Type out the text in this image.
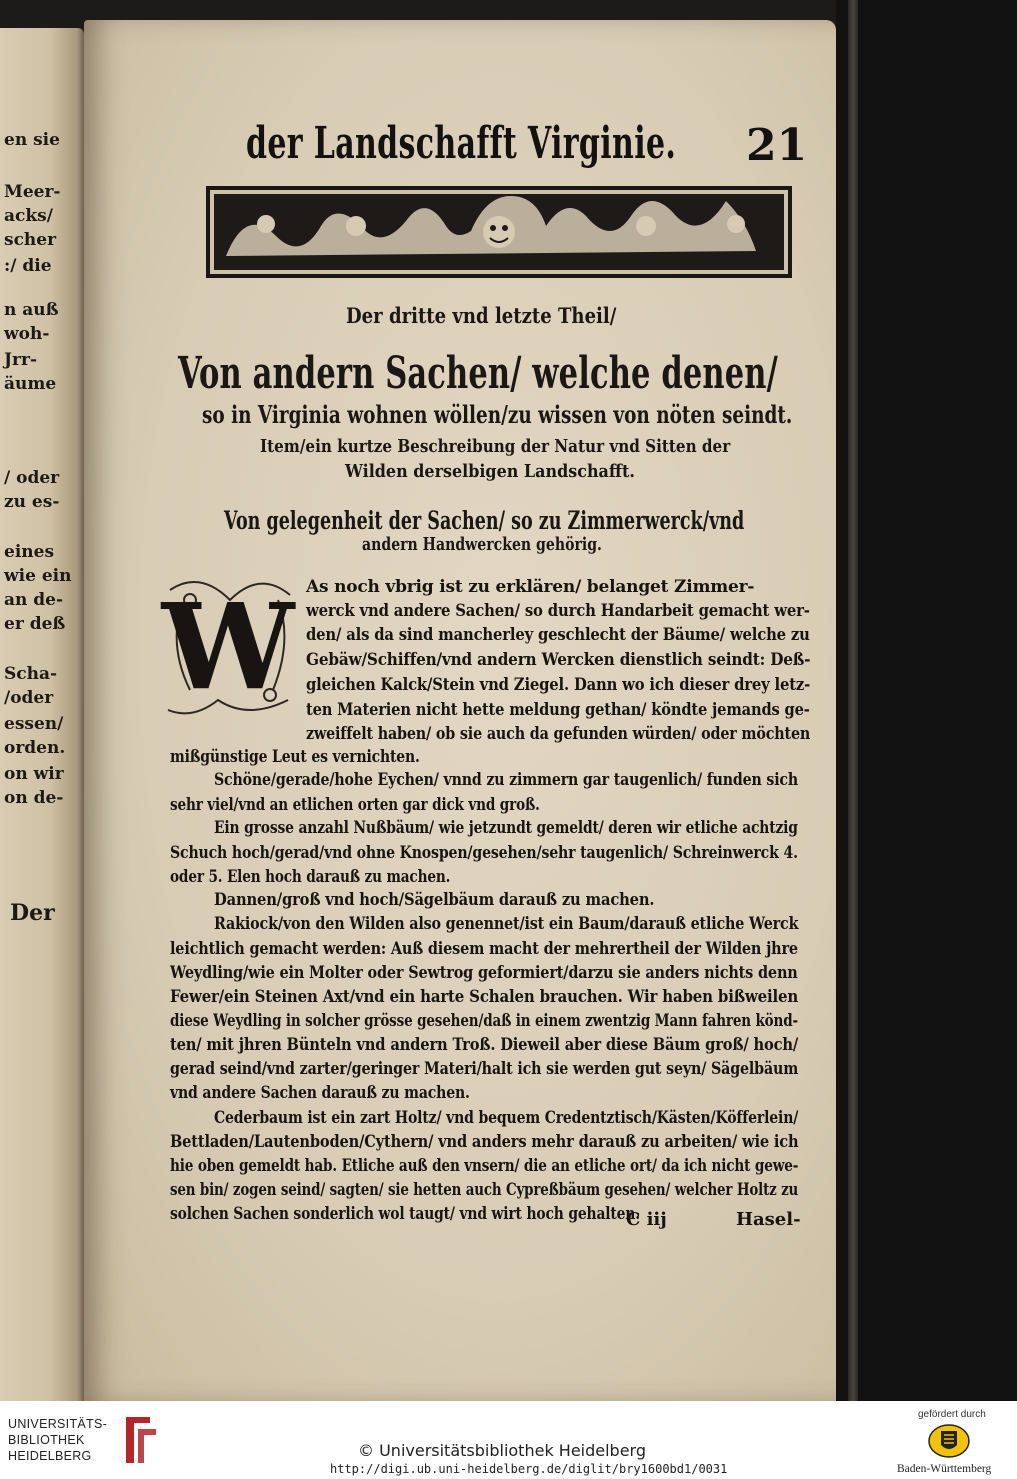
en sie
Meer-
acks/
scher
:/ die
n auß
woh-
Jrr-
äume
/ oder
zu es-
eines
wie ein
an de-
er deß
Scha-
/oder
essen/
orden.
on wir
on de-
Der
der Landschafft Virginie. 21
Der dritte vnd letzte Theil/
Von andern Sachen/ welche denen/
so in Virginia wohnen wöllen/zu wissen von nöten seindt.
Item/ein kurtze Beschreibung der Natur vnd Sitten der
Wilden derselbigen Landschafft.
Von gelegenheit der Sachen/ so zu Zimmerwerck/vnd
andern Handwercken gehörig.
W As noch vbrig ist zu erklären/ belanget Zimmer-
werck vnd andere Sachen/ so durch Handarbeit gemacht wer-
den/ als da sind mancherley geschlecht der Bäume/ welche zu
Gebäw/Schiffen/vnd andern Wercken dienstlich seindt: Deß-
gleichen Kalck/Stein vnd Ziegel. Dann wo ich dieser drey letz-
ten Materien nicht hette meldung gethan/ köndte jemands ge-
zweiffelt haben/ ob sie auch da gefunden würden/ oder möchten
mißgünstige Leut es vernichten.
Schöne/gerade/hohe Eychen/ vnnd zu zimmern gar taugenlich/ funden sich
sehr viel/vnd an etlichen orten gar dick vnd groß.
Ein grosse anzahl Nußbäum/ wie jetzundt gemeldt/ deren wir etliche achtzig
Schuch hoch/gerad/vnd ohne Knospen/gesehen/sehr taugenlich/ Schreinwerck 4.
oder 5. Elen hoch darauß zu machen.
Dannen/groß vnd hoch/Sägelbäum darauß zu machen.
Rakiock/von den Wilden also genennet/ist ein Baum/darauß etliche Werck
leichtlich gemacht werden: Auß diesem macht der mehrertheil der Wilden jhre
Weydling/wie ein Molter oder Sewtrog geformiert/darzu sie anders nichts denn
Fewer/ein Steinen Axt/vnd ein harte Schalen brauchen. Wir haben bißweilen
diese Weydling in solcher grösse gesehen/daß in einem zwentzig Mann fahren könd-
ten/ mit jhren Bünteln vnd andern Troß. Dieweil aber diese Bäum groß/ hoch/
gerad seind/vnd zarter/geringer Materi/halt ich sie werden gut seyn/ Sägelbäum
vnd andere Sachen darauß zu machen.
Cederbaum ist ein zart Holtz/ vnd bequem Credentztisch/Kästen/Köfferlein/
Bettladen/Lautenboden/Cythern/ vnd anders mehr darauß zu arbeiten/ wie ich
hie oben gemeldt hab. Etliche auß den vnsern/ die an etliche ort/ da ich nicht gewe-
sen bin/ zogen seind/ sagten/ sie hetten auch Cypreßbäum gesehen/ welcher Holtz zu
solchen Sachen sonderlich wol taugt/ vnd wirt hoch gehalten.
C iij	Hasel-
UNIVERSITÄTS-
BIBLIOTHEK
HEIDELBERG	© Universitätsbibliothek Heidelberg
http://digi.ub.uni-heidelberg.de/diglit/bry1600bd1/0031
gefördert durch
Baden-Württemberg
